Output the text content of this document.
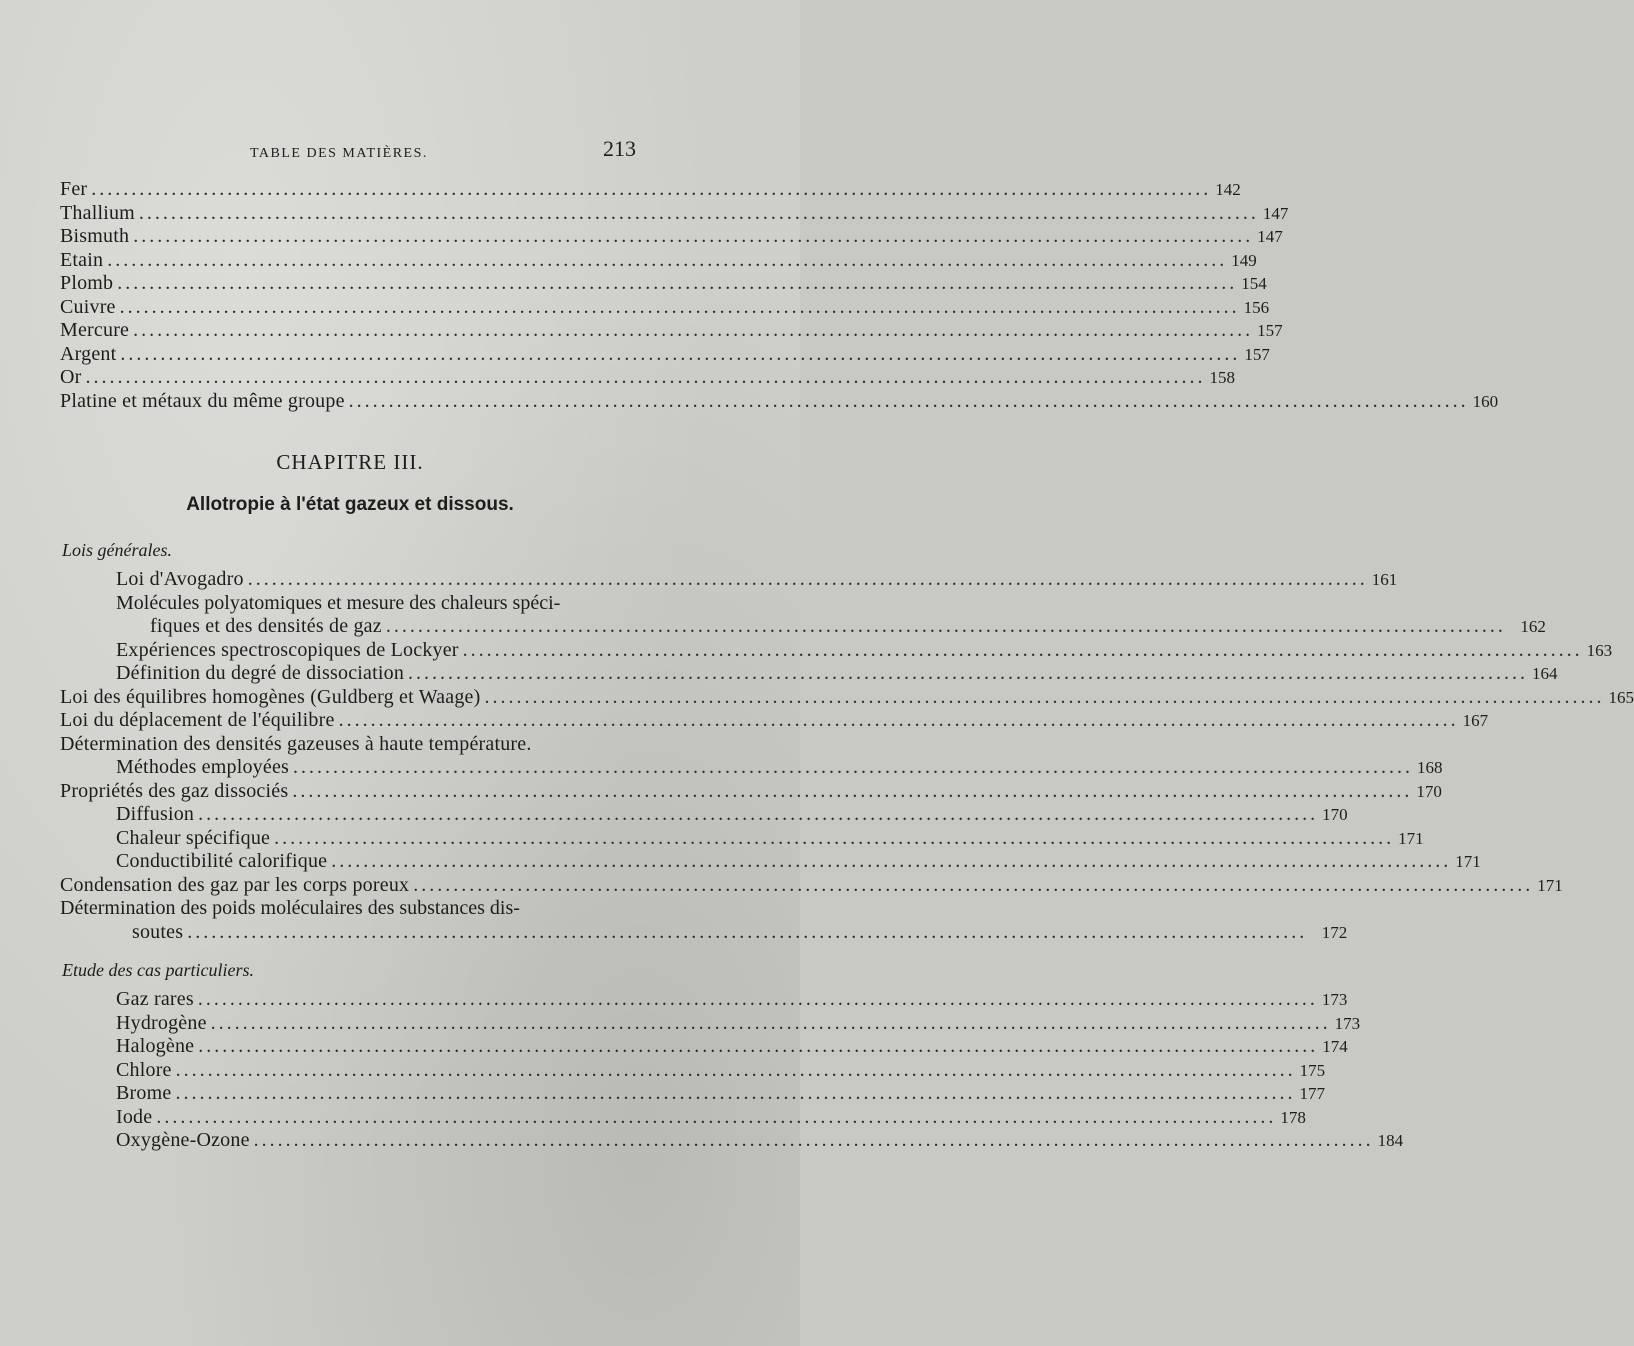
TABLE DES MATIÈRES.	213
Fer .....	142
Thallium .....	147
Bismuth .....	147
Etain .....	149
Plomb .....	154
Cuivre .....	156
Mercure .....	157
Argent .....	157
Or .....	158
Platine et métaux du même groupe .....	160
CHAPITRE III.
Allotropie à l'état gazeux et dissous.
Lois générales.
Loi d'Avogadro .....	161
Molécules polyatomiques et mesure des chaleurs spéci-
fiques et des densités de gaz .....	162
Expériences spectroscopiques de Lockyer .....	163
Définition du degré de dissociation .....	164
Loi des équilibres homogènes (Guldberg et Waage) .....	165
Loi du déplacement de l'équilibre .....	167
Détermination des densités gazeuses à haute température.
Méthodes employées .....	168
Propriétés des gaz dissociés .....	170
Diffusion .....	170
Chaleur spécifique .....	171
Conductibilité calorifique .....	171
Condensation des gaz par les corps poreux .....	171
Détermination des poids moléculaires des substances dis-
soutes .....	172
Etude des cas particuliers.
Gaz rares .....	173
Hydrogène .....	173
Halogène .....	174
Chlore .....	175
Brome .....	177
Iode .....	178
Oxygène-Ozone .....	184
